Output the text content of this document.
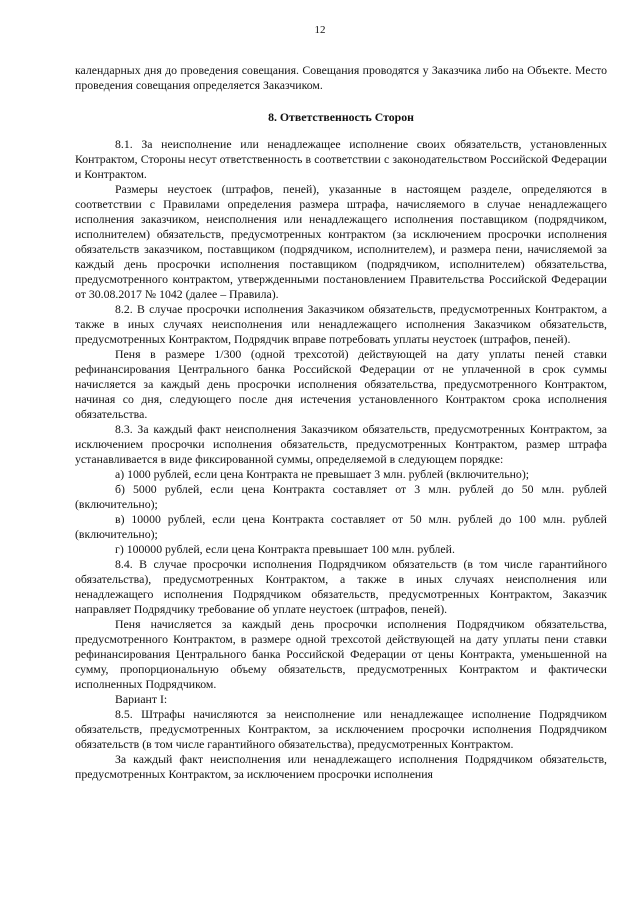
12

календарных дня до проведения совещания. Совещания проводятся у Заказчика либо на Объекте. Место проведения совещания определяется Заказчиком.

8. Ответственность Сторон

8.1. За неисполнение или ненадлежащее исполнение своих обязательств, установленных Контрактом, Стороны несут ответственность в соответствии с законодательством Российской Федерации и Контрактом.

Размеры неустоек (штрафов, пеней), указанные в настоящем разделе, определяются в соответствии с Правилами определения размера штрафа, начисляемого в случае ненадлежащего исполнения заказчиком, неисполнения или ненадлежащего исполнения поставщиком (подрядчиком, исполнителем) обязательств, предусмотренных контрактом (за исключением просрочки исполнения обязательств заказчиком, поставщиком (подрядчиком, исполнителем), и размера пени, начисляемой за каждый день просрочки исполнения поставщиком (подрядчиком, исполнителем) обязательства, предусмотренного контрактом, утвержденными постановлением Правительства Российской Федерации от 30.08.2017 № 1042 (далее – Правила).

8.2. В случае просрочки исполнения Заказчиком обязательств, предусмотренных Контрактом, а также в иных случаях неисполнения или ненадлежащего исполнения Заказчиком обязательств, предусмотренных Контрактом, Подрядчик вправе потребовать уплаты неустоек (штрафов, пеней).

Пеня в размере 1/300 (одной трехсотой) действующей на дату уплаты пеней ставки рефинансирования Центрального банка Российской Федерации от не уплаченной в срок суммы начисляется за каждый день просрочки исполнения обязательства, предусмотренного Контрактом, начиная со дня, следующего после дня истечения установленного Контрактом срока исполнения обязательства.

8.3. За каждый факт неисполнения Заказчиком обязательств, предусмотренных Контрактом, за исключением просрочки исполнения обязательств, предусмотренных Контрактом, размер штрафа устанавливается в виде фиксированной суммы, определяемой в следующем порядке:

а) 1000 рублей, если цена Контракта не превышает 3 млн. рублей (включительно);

б) 5000 рублей, если цена Контракта составляет от 3 млн. рублей до 50 млн. рублей (включительно);

в) 10000 рублей, если цена Контракта составляет от 50 млн. рублей до 100 млн. рублей (включительно);

г) 100000 рублей, если цена Контракта превышает 100 млн. рублей.

8.4. В случае просрочки исполнения Подрядчиком обязательств (в том числе гарантийного обязательства), предусмотренных Контрактом, а также в иных случаях неисполнения или ненадлежащего исполнения Подрядчиком обязательств, предусмотренных Контрактом, Заказчик направляет Подрядчику требование об уплате неустоек (штрафов, пеней).

Пеня начисляется за каждый день просрочки исполнения Подрядчиком обязательства, предусмотренного Контрактом, в размере одной трехсотой действующей на дату уплаты пени ставки рефинансирования Центрального банка Российской Федерации от цены Контракта, уменьшенной на сумму, пропорциональную объему обязательств, предусмотренных Контрактом и фактически исполненных Подрядчиком.

Вариант I:

8.5. Штрафы начисляются за неисполнение или ненадлежащее исполнение Подрядчиком обязательств, предусмотренных Контрактом, за исключением просрочки исполнения Подрядчиком обязательств (в том числе гарантийного обязательства), предусмотренных Контрактом.

За каждый факт неисполнения или ненадлежащего исполнения Подрядчиком обязательств, предусмотренных Контрактом, за исключением просрочки исполнения
